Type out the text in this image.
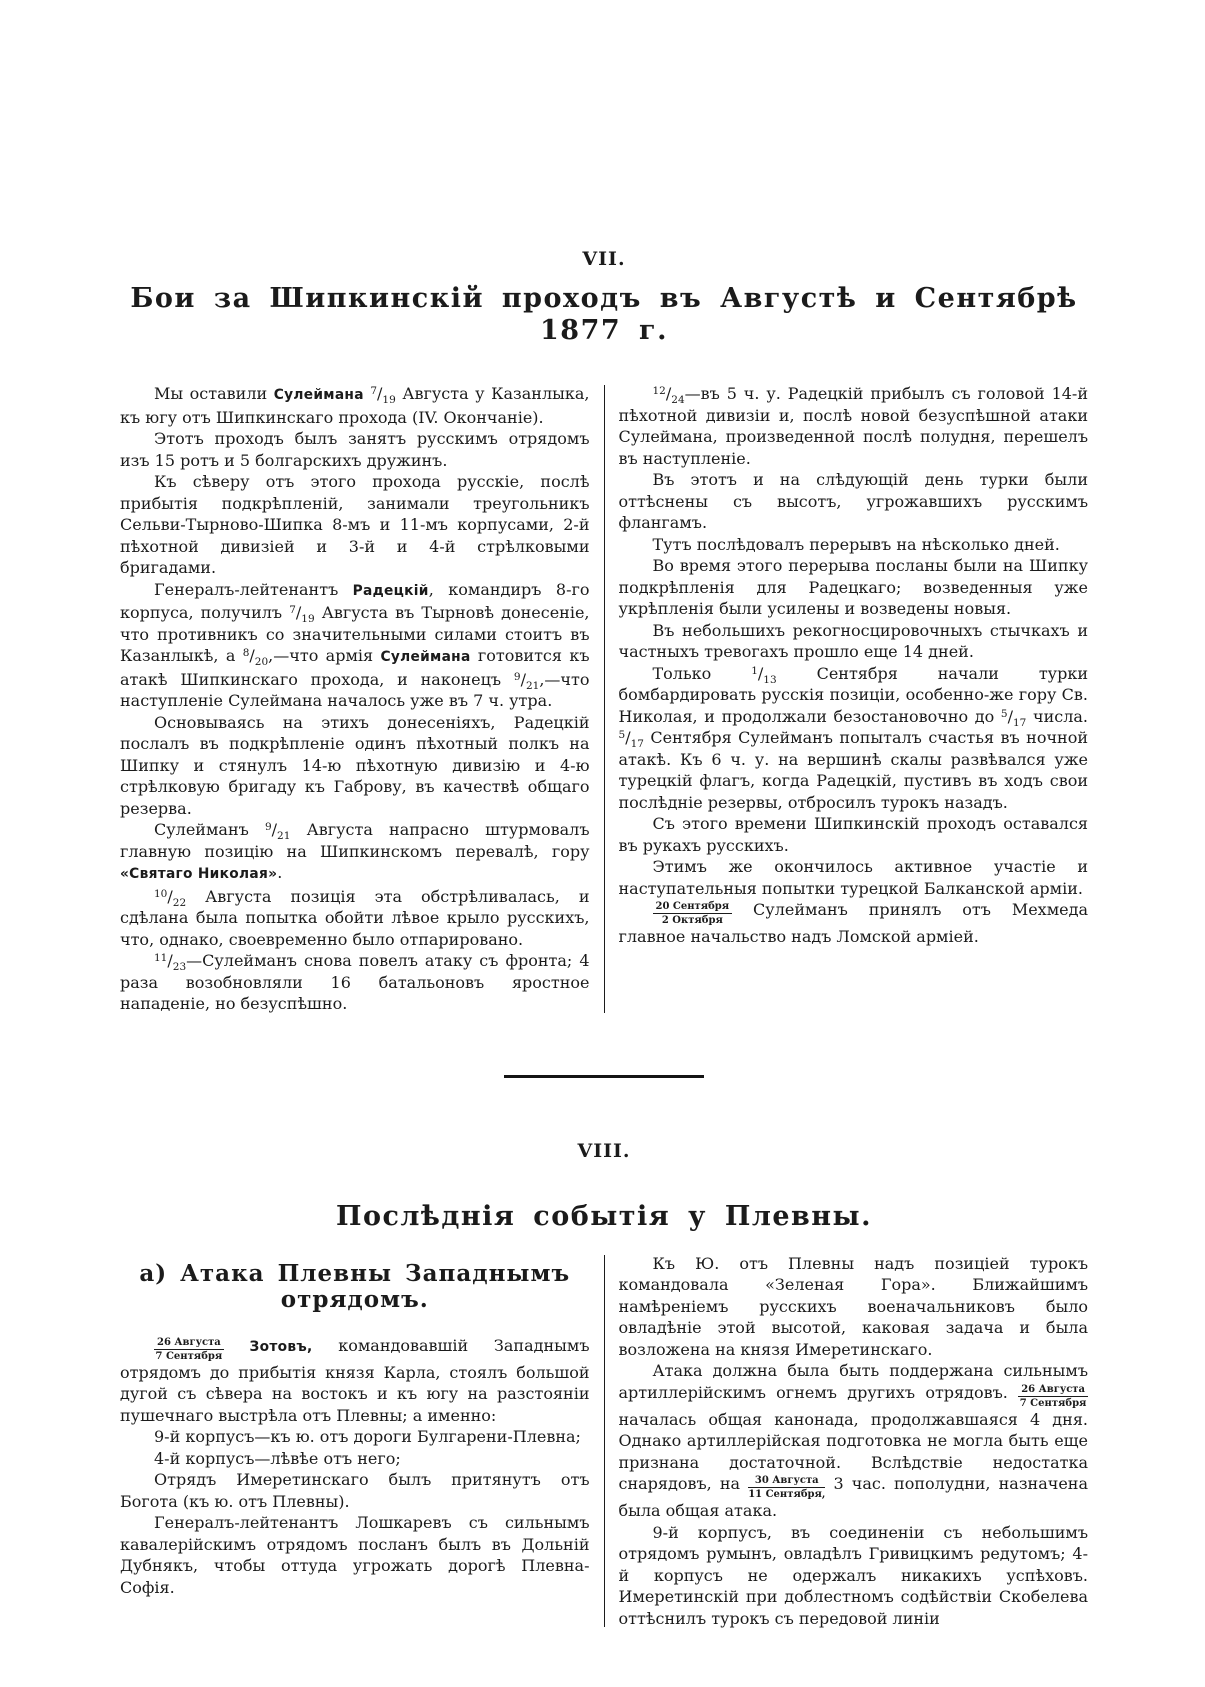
VII.
Бои за Шипкинскій проходъ въ Августѣ и Сентябрѣ 1877 г.

Мы оставили Сулеймана $^7/_{19}$ Августа у Казанлыка, къ югу отъ Шипкинскаго прохода (IV. Окончаніе).

Этотъ проходъ былъ занятъ русскимъ отрядомъ изъ 15 ротъ и 5 болгарскихъ дружинъ.

Къ сѣверу отъ этого прохода русскіе, послѣ прибытія подкрѣпленій, занимали треугольникъ Сельви-Тырново-Шипка 8-мъ и 11-мъ корпусами, 2-й пѣхотной дивизіей и 3-й и 4-й стрѣлковыми бригадами.

Генералъ-лейтенантъ Радецкій, командиръ 8-го корпуса, получилъ $^7/_{19}$ Августа въ Тырновѣ донесеніе, что противникъ со значительными силами стоитъ въ Казанлыкѣ, а $^8/_{20},—что$ армія Сулеймана готовится къ атакѣ Шипкинскаго прохода, и наконецъ $^9/_{21},—что$ наступленіе Сулеймана началось уже въ 7 ч. утра.

Основываясь на этихъ донесеніяхъ, Радецкій послалъ въ подкрѣпленіе одинъ пѣхотный полкъ на Шипку и стянулъ 14-ю пѣхотную дивизію и 4-ю стрѣлковую бригаду къ Габрову, въ качествѣ общаго резерва.

Сулейманъ $^9/_{21}$ Августа напрасно штурмовалъ главную позицію на Шипкинскомъ перевалѣ, гору «Святаго Николая».

$^{10}/_{22}$ Августа позиція эта обстрѣливалась, и сдѣлана была попытка обойти лѣвое крыло русскихъ, что, однако, своевременно было отпарировано.

$^{11}/_{23}—Сулейманъ$ снова повелъ атаку съ фронта; 4 раза возобновляли 16 батальоновъ яростное нападеніе, но безуспѣшно.

$^{12}/_{24}—въ$ 5 ч. у. Радецкій прибылъ съ головой 14-й пѣхотной дивизіи и, послѣ новой безуспѣшной атаки Сулеймана, произведенной послѣ полудня, перешелъ въ наступленіе.

Въ этотъ и на слѣдующій день турки были оттѣснены съ высотъ, угрожавшихъ русскимъ флангамъ.

Тутъ послѣдовалъ перерывъ на нѣсколько дней.

Во время этого перерыва посланы были на Шипку подкрѣпленія для Радецкаго; возведенныя уже укрѣпленія были усилены и возведены новыя.

Въ небольшихъ рекогносцировочныхъ стычкахъ и частныхъ тревогахъ прошло еще 14 дней.

Только $^1/_{13}$ Сентября начали турки бомбардировать русскія позиціи, особенно-же гору Св. Николая, и продолжали безостановочно до $^5/_{17}$ числа. $^5/_{17}$ Сентября Сулейманъ попыталъ счастья въ ночной атакѣ. Къ 6 ч. у. на вершинѣ скалы развѣвался уже турецкій флагъ, когда Радецкій, пустивъ въ ходъ свои послѣдніе резервы, отбросилъ турокъ назадъ.

Съ этого времени Шипкинскій проходъ оставался въ рукахъ русскихъ.

Этимъ же окончилось активное участіе и наступательныя попытки турецкой Балканской арміи.

20 Сентября
2 Октября
Сулейманъ принялъ отъ Мехмеда главное начальство надъ Ломской арміей.

VIII.
Послѣднія событія у Плевны.
а) Атака Плевны Западнымъ отрядомъ.

26 Августа
7 Сентября
Зотовъ, командовавшій Западнымъ отрядомъ до прибытія князя Карла, стоялъ большой дугой съ сѣвера на востокъ и къ югу на разстояніи пушечнаго выстрѣла отъ Плевны; а именно:

9-й корпусъ—къ ю. отъ дороги Булгарени-Плевна;

4-й корпусъ—лѣвѣе отъ него;

Отрядъ Имеретинскаго былъ притянутъ отъ Богота (къ ю. отъ Плевны).

Генералъ-лейтенантъ Лошкаревъ съ сильнымъ кавалерійскимъ отрядомъ посланъ былъ въ Дольній Дубнякъ, чтобы оттуда угрожать дорогѣ Плевна-Софія.

Къ Ю. отъ Плевны надъ позиціей турокъ командовала «Зеленая Гора». Ближайшимъ намѣреніемъ русскихъ военачальниковъ было овладѣніе этой высотой, каковая задача и была возложена на князя Имеретинскаго.

Атака должна была быть поддержана сильнымъ артиллерійскимъ огнемъ другихъ отрядовъ. 26 Августа
7 Сентября
началась общая канонада, продолжавшаяся 4 дня. Однако артиллерійская подготовка не могла быть еще признана достаточной. Вслѣдствіе недостатка снарядовъ, на 30 Августа
11 Сентября,
3 час. пополудни, назначена была общая атака.

9-й корпусъ, въ соединеніи съ небольшимъ отрядомъ румынъ, овладѣлъ Гривицкимъ редутомъ; 4-й корпусъ не одержалъ никакихъ успѣховъ. Имеретинскій при доблестномъ содѣйствіи Скобелева оттѣснилъ турокъ съ передовой линіи
